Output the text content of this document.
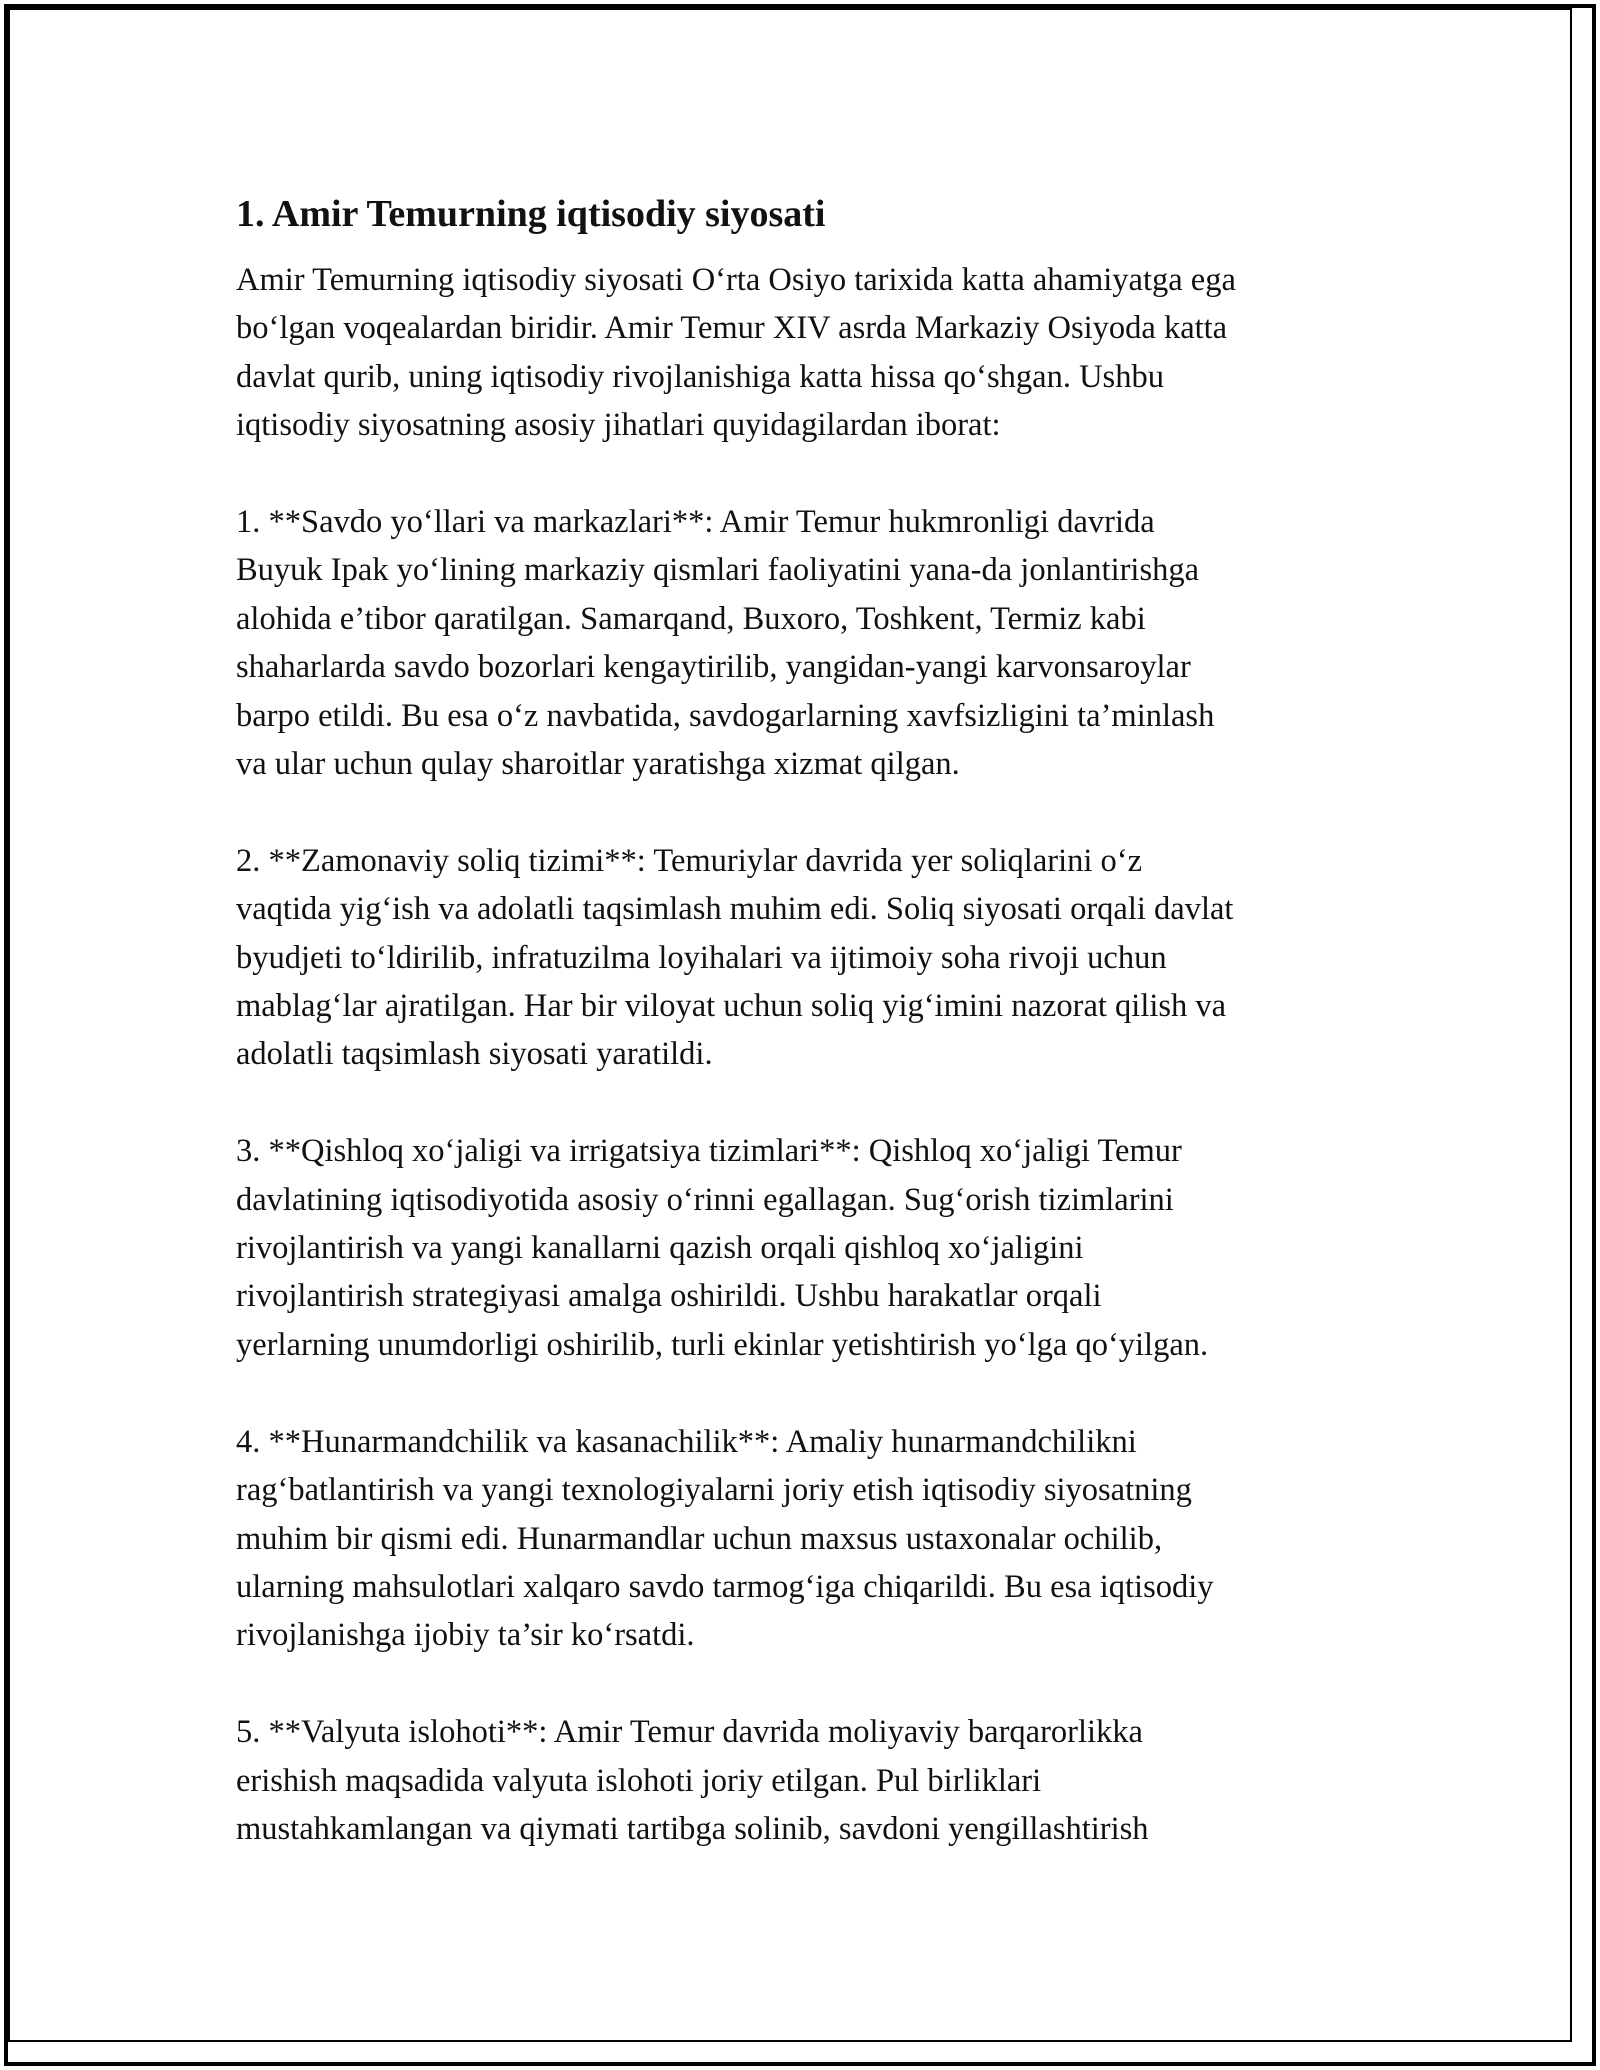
1. Amir Temurning iqtisodiy siyosati
Amir Temurning iqtisodiy siyosati O‘rta Osiyo tarixida katta ahamiyatga ega
bo‘lgan voqealardan biridir. Amir Temur XIV asrda Markaziy Osiyoda katta
davlat qurib, uning iqtisodiy rivojlanishiga katta hissa qo‘shgan. Ushbu
iqtisodiy siyosatning asosiy jihatlari quyidagilardan iborat:
1. **Savdo yo‘llari va markazlari**: Amir Temur hukmronligi davrida
Buyuk Ipak yo‘lining markaziy qismlari faoliyatini yana-da jonlantirishga
alohida e’tibor qaratilgan. Samarqand, Buxoro, Toshkent, Termiz kabi
shaharlarda savdo bozorlari kengaytirilib, yangidan-yangi karvonsaroylar
barpo etildi. Bu esa o‘z navbatida, savdogarlarning xavfsizligini ta’minlash
va ular uchun qulay sharoitlar yaratishga xizmat qilgan.
2. **Zamonaviy soliq tizimi**: Temuriylar davrida yer soliqlarini o‘z
vaqtida yig‘ish va adolatli taqsimlash muhim edi. Soliq siyosati orqali davlat
byudjeti to‘ldirilib, infratuzilma loyihalari va ijtimoiy soha rivoji uchun
mablag‘lar ajratilgan. Har bir viloyat uchun soliq yig‘imini nazorat qilish va
adolatli taqsimlash siyosati yaratildi.
3. **Qishloq xo‘jaligi va irrigatsiya tizimlari**: Qishloq xo‘jaligi Temur
davlatining iqtisodiyotida asosiy o‘rinni egallagan. Sug‘orish tizimlarini
rivojlantirish va yangi kanallarni qazish orqali qishloq xo‘jaligini
rivojlantirish strategiyasi amalga oshirildi. Ushbu harakatlar orqali
yerlarning unumdorligi oshirilib, turli ekinlar yetishtirish yo‘lga qo‘yilgan.
4. **Hunarmandchilik va kasanachilik**: Amaliy hunarmandchilikni
rag‘batlantirish va yangi texnologiyalarni joriy etish iqtisodiy siyosatning
muhim bir qismi edi. Hunarmandlar uchun maxsus ustaxonalar ochilib,
ularning mahsulotlari xalqaro savdo tarmog‘iga chiqarildi. Bu esa iqtisodiy
rivojlanishga ijobiy ta’sir ko‘rsatdi.
5. **Valyuta islohoti**: Amir Temur davrida moliyaviy barqarorlikka
erishish maqsadida valyuta islohoti joriy etilgan. Pul birliklari
mustahkamlangan va qiymati tartibga solinib, savdoni yengillashtirish
